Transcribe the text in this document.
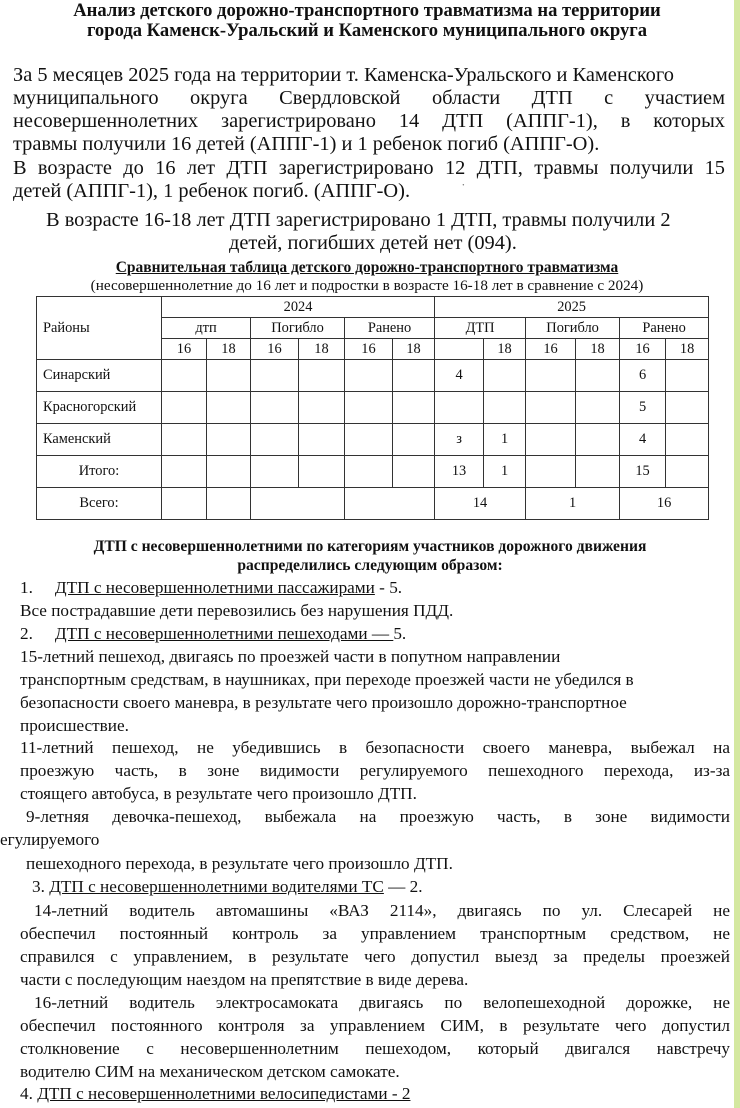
Анализ детского дорожно-транспортного травматизма на территории
города Каменск-Уральский и Каменского муниципального округа
За 5 месяцев 2025 года на территории т. Каменска-Уральского и Каменского
муниципального округа Свердловской области ДТП с участием
несовершеннолетних зарегистрировано 14 ДТП (АППГ-1), в которых
травмы получили 16 детей (АППГ-1) и 1 ребенок погиб (АППГ-О).
В возрасте до 16 лет ДТП зарегистрировано 12 ДТП, травмы получили 15
детей (АППГ-1), 1 ребенок погиб. (АППГ-О).	˙
В возрасте 16-18 лет ДТП зарегистрировано 1 ДТП, травмы получили 2
детей, погибших детей нет (094).
Сравнительная таблица детского дорожно-транспортного травматизма
(несовершеннолетние до 16 лет и подростки в возрасте 16-18 лет в сравнение с 2024)
Районы	2024						2025					
	дтп		Погибло		Ранено		ДТП		Погибло		Ранено	
	16	18	16	18	16	18		18	16	18	16	18
Синарский							4				6	
Красногорский											5	
Каменский							з	1			4	
Итого:							13	1			15	
Всего:							14		1		16	
ДТП с несовершеннолетними по категориям участников дорожного движения
распределились следующим образом:
1. ДТП с несовершеннолетними пассажирами - 5.
Все пострадавшие дети перевозились без нарушения ПДД.
2. ДТП с несовершеннолетними пешеходами — 5.
15-летний пешеход, двигаясь по проезжей части в попутном направлении
транспортным средствам, в наушниках, при переходе проезжей части не убедился в
безопасности своего маневра, в результате чего произошло дорожно-транспортное
происшествие.
11-летний пешеход, не убедившись в безопасности своего маневра, выбежал на
проезжую часть, в зоне видимости регулируемого пешеходного перехода, из-за
стоящего автобуса, в результате чего произошло ДТП.
9-летняя девочка-пешеход, выбежала на проезжую часть, в зоне видимости
егулируемого
пешеходного перехода, в результате чего произошло ДТП.
3. ДТП с несовершеннолетними водителями ТС — 2.
14-летний водитель автомашины «ВАЗ 2114», двигаясь по ул. Слесарей не
обеспечил постоянный контроль за управлением транспортным средством, не
справился с управлением, в результате чего допустил выезд за пределы проезжей
части с последующим наездом на препятствие в виде дерева.
16-летний водитель электросамоката двигаясь по велопешеходной дорожке, не
обеспечил постоянного контроля за управлением СИМ, в результате чего допустил
столкновение с несовершеннолетним пешеходом, который двигался навстречу
водителю СИМ на механическом детском самокате.
4. ДТП с несовершеннолетними велосипедистами - 2
